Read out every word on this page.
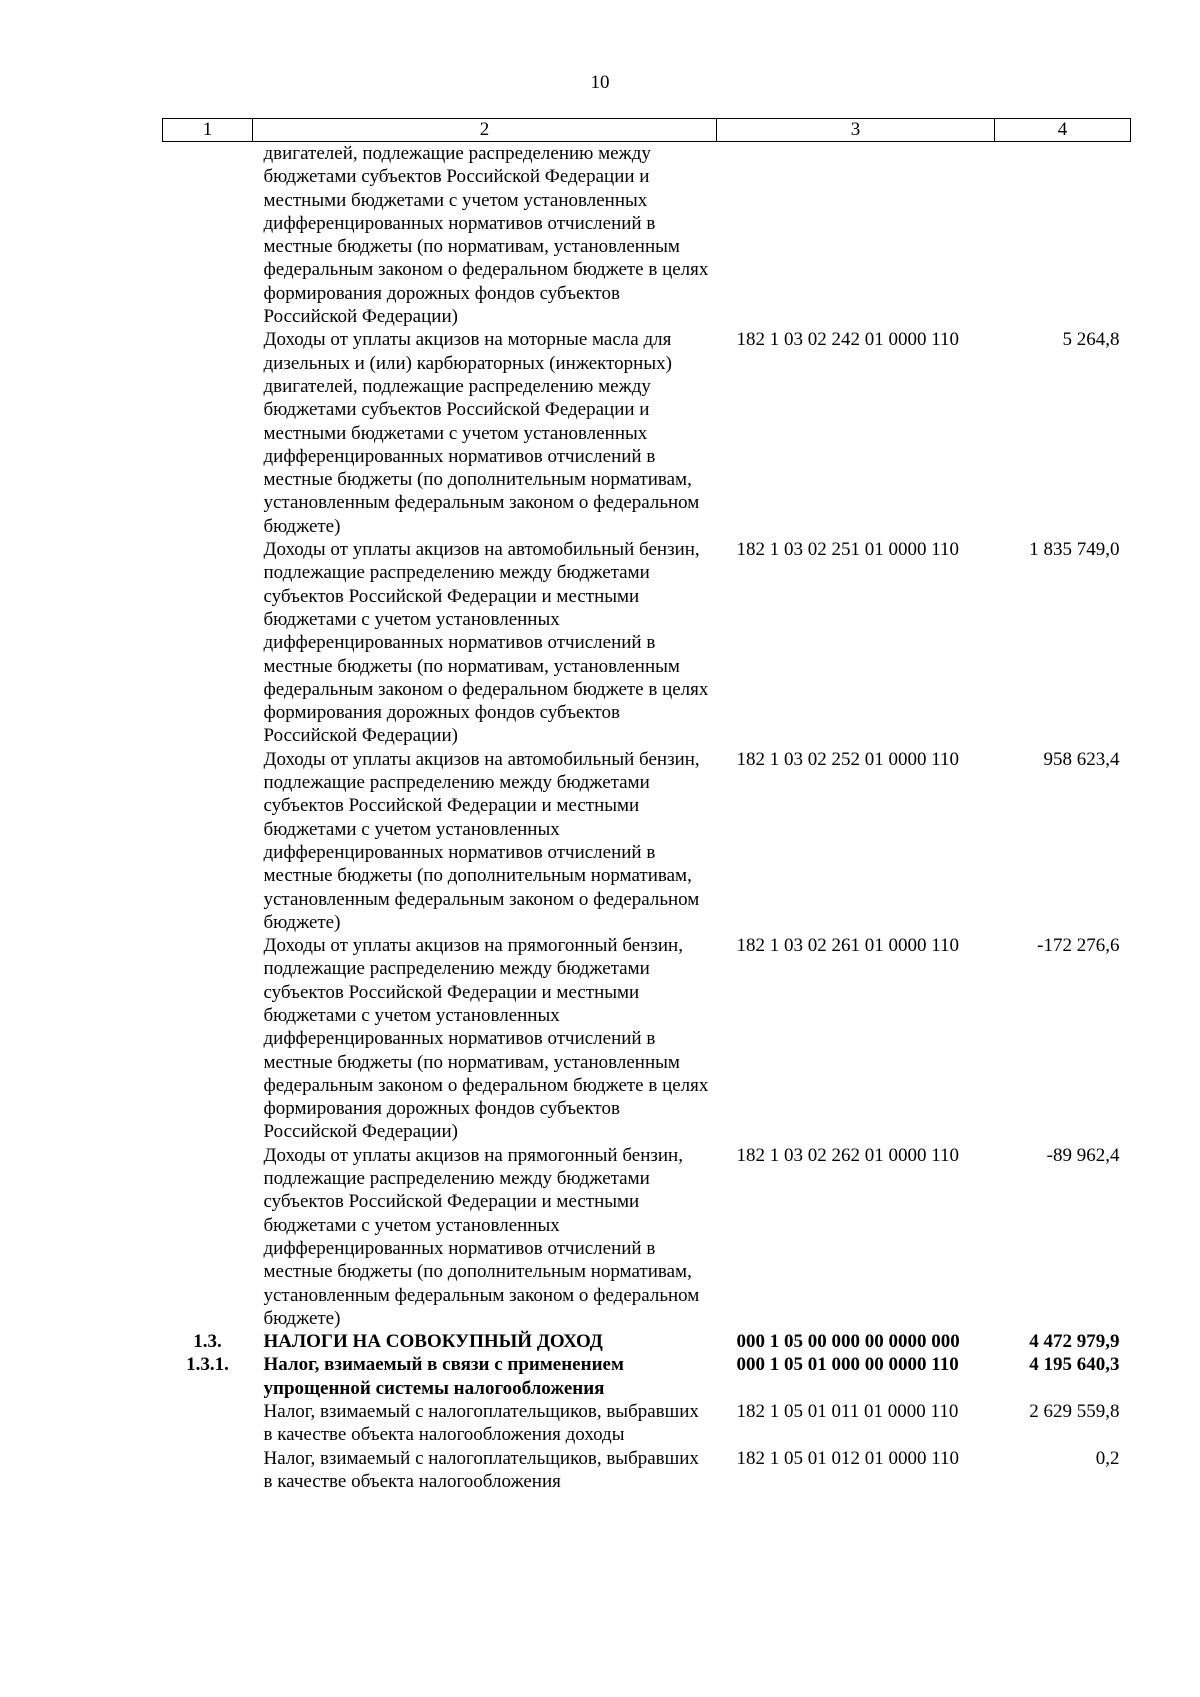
10
1	2	3	4
	двигателей, подлежащие распределению между бюджетами субъектов Российской Федерации и местными бюджетами с учетом установленных дифференцированных нормативов отчислений в местные бюджеты (по нормативам, установленным федеральным законом о федеральном бюджете в целях формирования дорожных фондов субъектов Российской Федерации)		
	Доходы от уплаты акцизов на моторные масла для дизельных и (или) карбюраторных (инжекторных) двигателей, подлежащие распределению между бюджетами субъектов Российской Федерации и местными бюджетами с учетом установленных дифференцированных нормативов отчислений в местные бюджеты (по дополнительным нормативам, установленным федеральным законом о федеральном бюджете)	182 1 03 02 242 01 0000 110	5 264,8
	Доходы от уплаты акцизов на автомобильный бензин, подлежащие распределению между бюджетами субъектов Российской Федерации и местными бюджетами с учетом установленных дифференцированных нормативов отчислений в местные бюджеты (по нормативам, установленным федеральным законом о федеральном бюджете в целях формирования дорожных фондов субъектов Российской Федерации)	182 1 03 02 251 01 0000 110	1 835 749,0
	Доходы от уплаты акцизов на автомобильный бензин, подлежащие распределению между бюджетами субъектов Российской Федерации и местными бюджетами с учетом установленных дифференцированных нормативов отчислений в местные бюджеты (по дополнительным нормативам, установленным федеральным законом о федеральном бюджете)	182 1 03 02 252 01 0000 110	958 623,4
	Доходы от уплаты акцизов на прямогонный бензин, подлежащие распределению между бюджетами субъектов Российской Федерации и местными бюджетами с учетом установленных дифференцированных нормативов отчислений в местные бюджеты (по нормативам, установленным федеральным законом о федеральном бюджете в целях формирования дорожных фондов субъектов Российской Федерации)	182 1 03 02 261 01 0000 110	-172 276,6
	Доходы от уплаты акцизов на прямогонный бензин, подлежащие распределению между бюджетами субъектов Российской Федерации и местными бюджетами с учетом установленных дифференцированных нормативов отчислений в местные бюджеты (по дополнительным нормативам, установленным федеральным законом о федеральном бюджете)	182 1 03 02 262 01 0000 110	-89 962,4
1.3.	НАЛОГИ НА СОВОКУПНЫЙ ДОХОД	000 1 05 00 000 00 0000 000	4 472 979,9
1.3.1.	Налог, взимаемый в связи с применением упрощенной системы налогообложения	000 1 05 01 000 00 0000 110	4 195 640,3
	Налог, взимаемый с налогоплательщиков, выбравших в качестве объекта налогообложения доходы	182 1 05 01 011 01 0000 110	2 629 559,8
	Налог, взимаемый с налогоплательщиков, выбравших в качестве объекта налогообложения	182 1 05 01 012 01 0000 110	0,2
